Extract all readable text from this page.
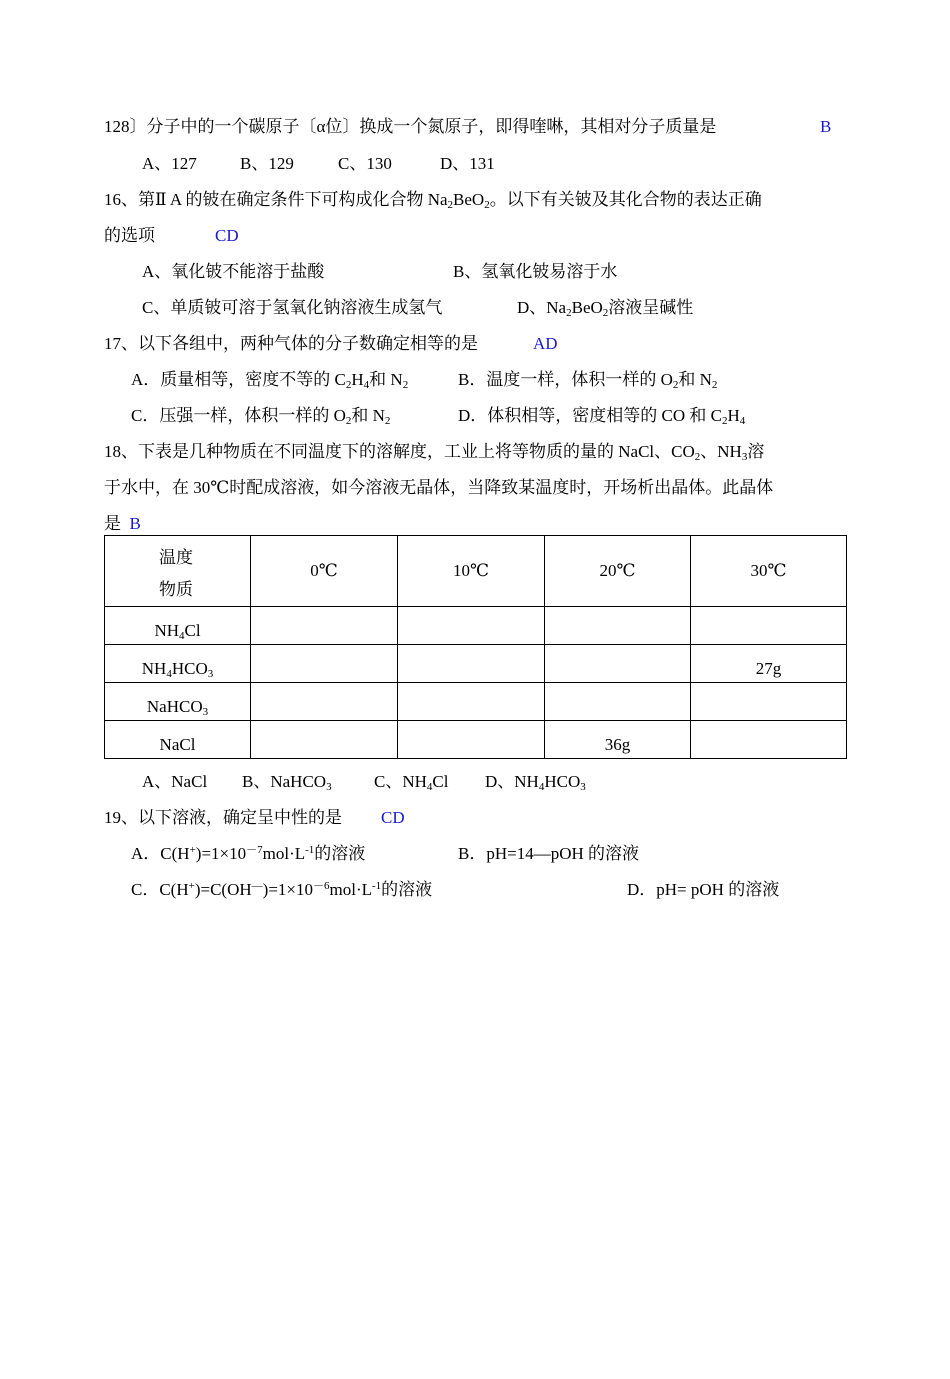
128〕分子中的一个碳原子〔α位〕换成一个氮原子，即得喹啉，其相对分子质量是	B
A、127	B、129	C、130	D、131
16、第Ⅱ A 的铍在确定条件下可构成化合物 $Na_2BeO_2$。以下有关铍及其化合物的表达正确
的选项	CD
A、氧化铍不能溶于盐酸	B、氢氧化铍易溶于水
C、单质铍可溶于氢氧化钠溶液生成氢气	D、$Na_2BeO_2$溶液呈碱性
17、以下各组中，两种气体的分子数确定相等的是	AD
A．质量相等，密度不等的 $C_2H_4$和 $N_2$	B．温度一样，体积一样的 $O_2$和 $N_2$
C．压强一样，体积一样的 $O_2$和 $N_2$	D．体积相等，密度相等的 CO 和 $C_2H_4$
18、下表是几种物质在不同温度下的溶解度，工业上将等物质的量的 NaCl、$CO_2$、$NH_3$溶
于水中，在 30℃时配成溶液，如今溶液无晶体，当降致某温度时，开场析出晶体。此晶体
是 B
温度
物质	0℃	10℃	20℃	30℃
$NH_4Cl$				
$NH_4HCO_3$				27g
NaHCO$_3$				
NaCl			36g	
A、NaCl B、NaHCO$_3$ C、$NH_4Cl$ D、$NH_4HCO_3$
19、以下溶液，确定呈中性的是 CD
A．$C(H^+)=1\times 10^{-7}mol\cdot L^{-1}$的溶液	B．pH=14—pOH 的溶液
C．$C(H^+)=C(OH^—)=1\times 10^{-6}mol\cdot L^{-1}$的溶液	D．pH= pOH 的溶液
